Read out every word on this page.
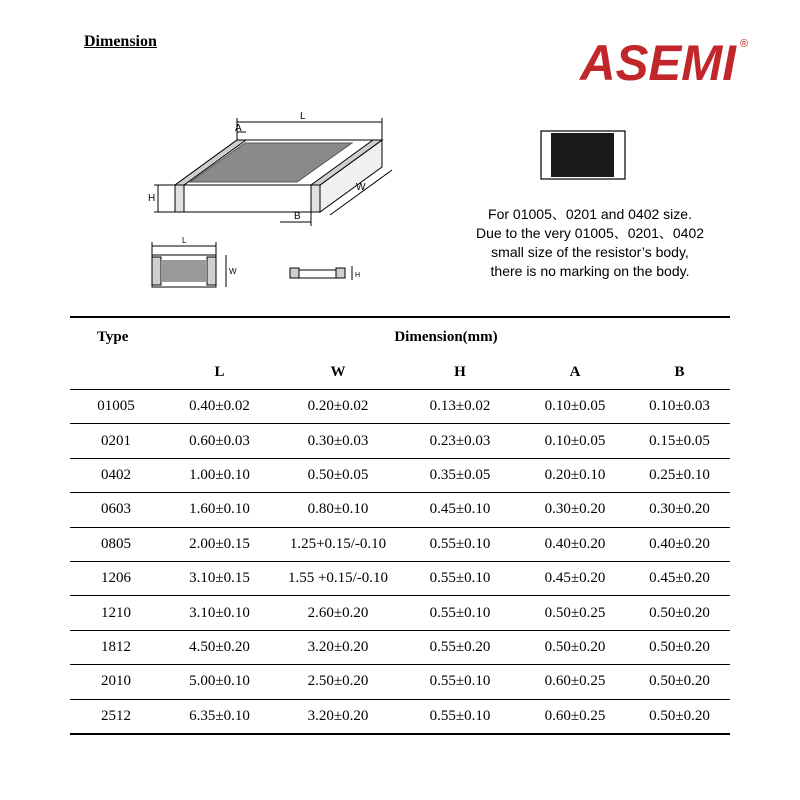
Dimension	ASEMI ®
L
A
W
H
B
L
W	H
For 01005、0201 and 0402 size.
Due to the very 01005、0201、0402
small size of the resistor’s body,
there is no marking on the body.
Type	Dimension(mm)				
	L	W	H	A	B
01005	0.40±0.02	0.20±0.02	0.13±0.02	0.10±0.05	0.10±0.03
0201	0.60±0.03	0.30±0.03	0.23±0.03	0.10±0.05	0.15±0.05
0402	1.00±0.10	0.50±0.05	0.35±0.05	0.20±0.10	0.25±0.10
0603	1.60±0.10	0.80±0.10	0.45±0.10	0.30±0.20	0.30±0.20
0805	2.00±0.15	1.25+0.15/-0.10	0.55±0.10	0.40±0.20	0.40±0.20
1206	3.10±0.15	1.55 +0.15/-0.10	0.55±0.10	0.45±0.20	0.45±0.20
1210	3.10±0.10	2.60±0.20	0.55±0.10	0.50±0.25	0.50±0.20
1812	4.50±0.20	3.20±0.20	0.55±0.20	0.50±0.20	0.50±0.20
2010	5.00±0.10	2.50±0.20	0.55±0.10	0.60±0.25	0.50±0.20
2512	6.35±0.10	3.20±0.20	0.55±0.10	0.60±0.25	0.50±0.20
